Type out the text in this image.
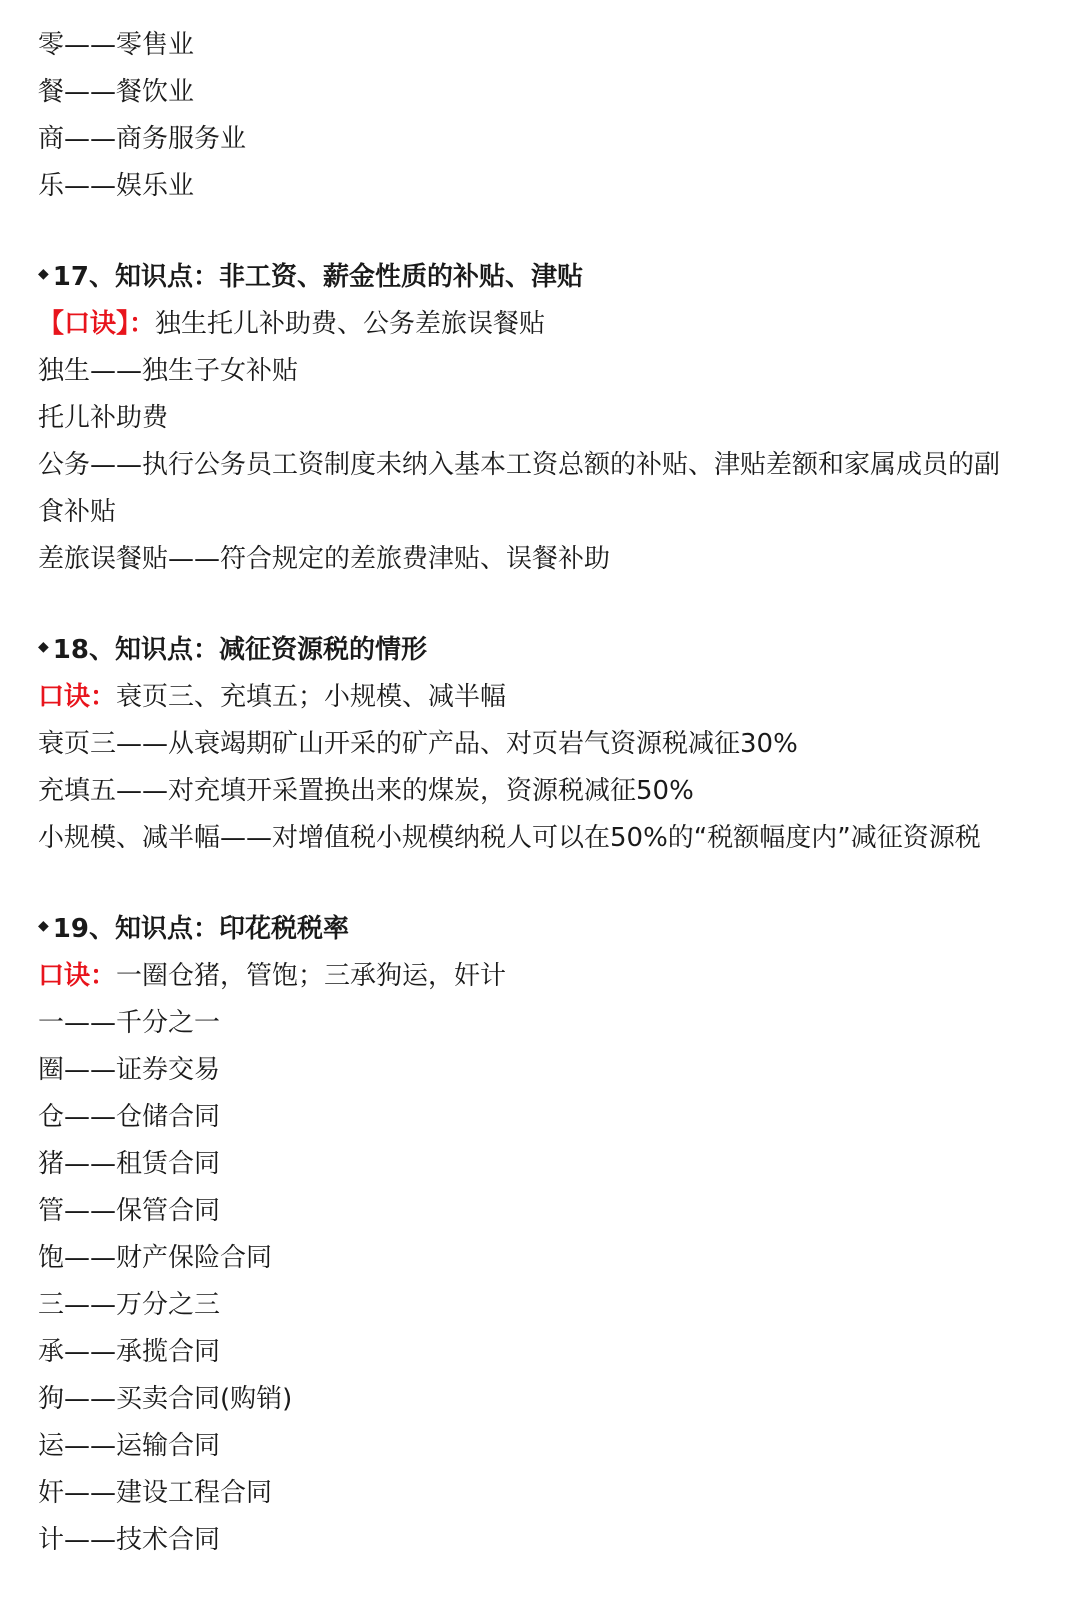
零——零售业
餐——餐饮业
商——商务服务业
乐——娱乐业
◆ 17、知识点：非工资、薪金性质的补贴、津贴
【口诀】：独生托儿补助费、公务差旅误餐贴
独生——独生子女补贴
托儿补助费
公务——执行公务员工资制度未纳入基本工资总额的补贴、津贴差额和家属成员的副
食补贴
差旅误餐贴——符合规定的差旅费津贴、误餐补助
◆ 18、知识点：减征资源税的情形
口诀：衰页三、充填五；小规模、减半幅
衰页三——从衰竭期矿山开采的矿产品、对页岩气资源税减征30%
充填五——对充填开采置换出来的煤炭，资源税减征50%
小规模、减半幅——对增值税小规模纳税人可以在50%的“税额幅度内”减征资源税
◆ 19、知识点：印花税税率
口诀：一圈仓猪，管饱；三承狗运，奸计
一——千分之一
圈——证券交易
仓——仓储合同
猪——租赁合同
管——保管合同
饱——财产保险合同
三——万分之三
承——承揽合同
狗——买卖合同(购销)
运——运输合同
奸——建设工程合同
计——技术合同
